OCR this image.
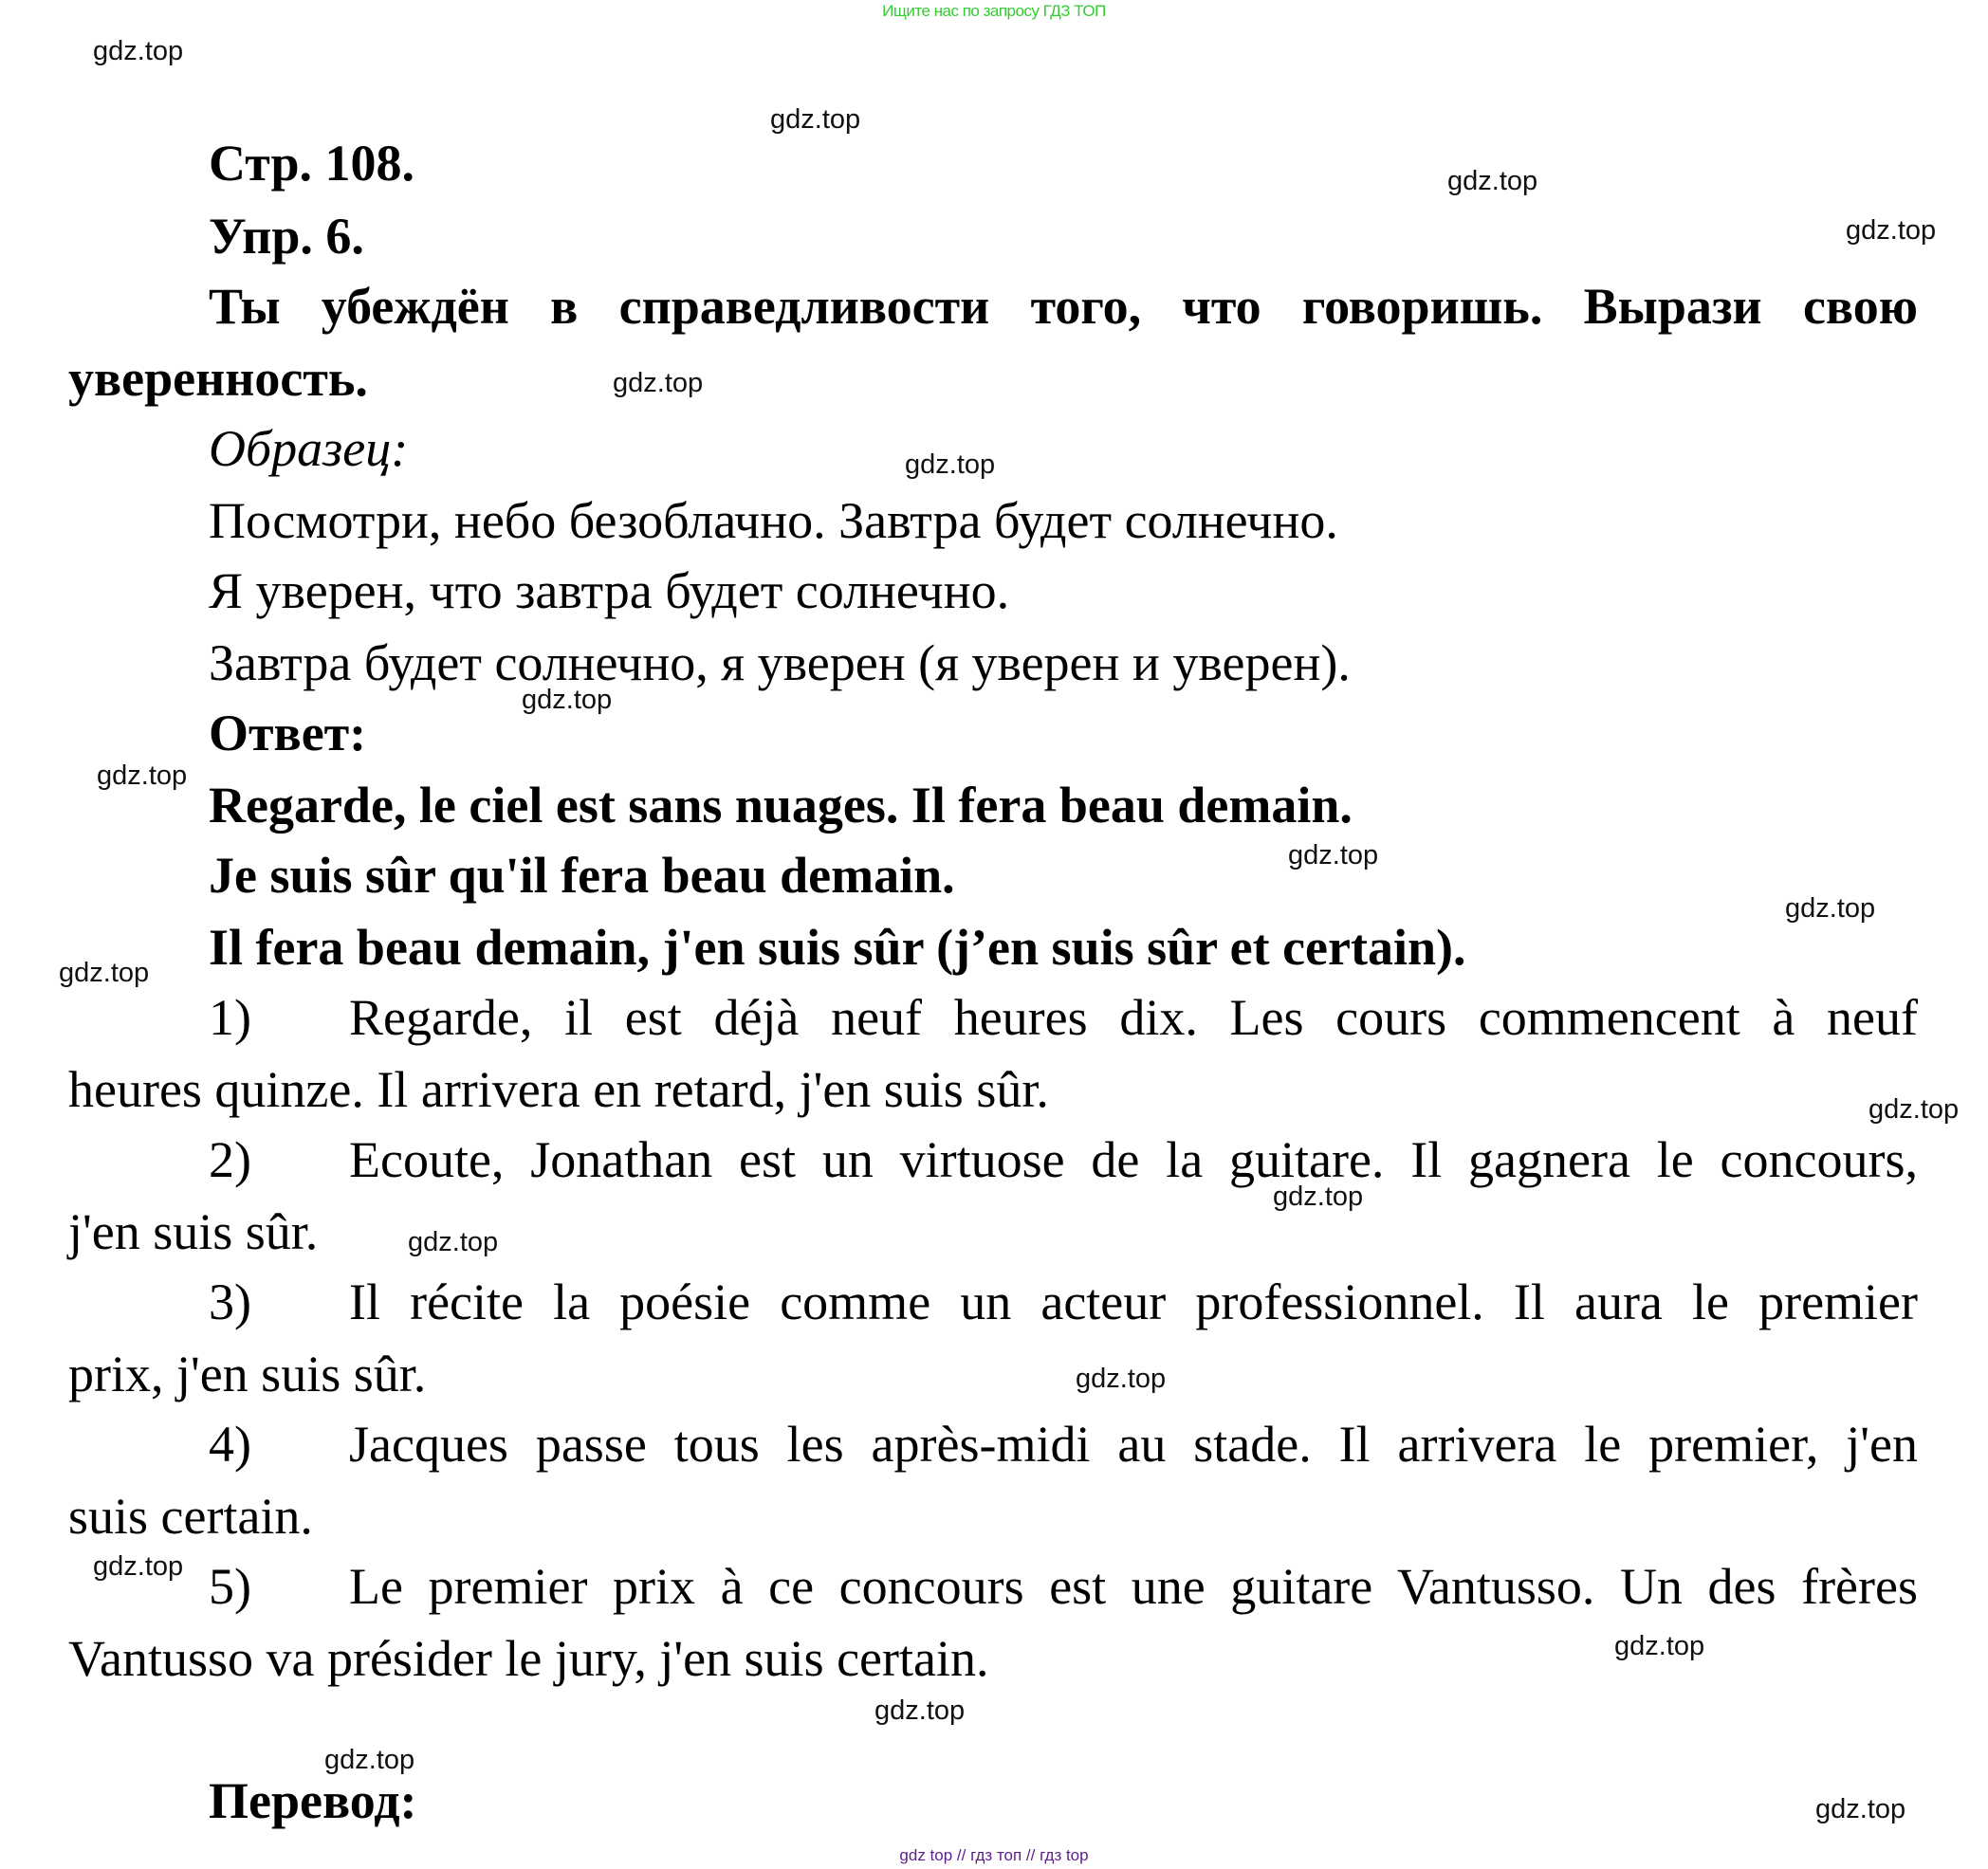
Ищите нас по запросу ГДЗ ТОП
gdz.top
gdz.top
gdz.top
gdz.top
gdz.top
gdz.top
gdz.top
gdz.top
gdz.top
gdz.top
gdz.top
gdz.top
gdz.top
gdz.top
gdz.top
gdz.top
gdz.top
gdz.top
gdz.top
gdz.top
Стр. 108.
Упр. 6.
Ты убеждён в справедливости того, что говоришь. Вырази свою
уверенность.
Образец:
Посмотри, небо безоблачно. Завтра будет солнечно.
Я уверен, что завтра будет солнечно.
Завтра будет солнечно, я уверен (я уверен и уверен).
Ответ:
Regarde, le ciel est sans nuages. Il fera beau demain.
Je suis sûr qu'il fera beau demain.
Il fera beau demain, j'en suis sûr (j’en suis sûr et certain).
1) Regarde, il est déjà neuf heures dix. Les cours commencent à neuf
heures quinze. Il arrivera en retard, j'en suis sûr.
2) Ecoute, Jonathan est un virtuose de la guitare. Il gagnera le concours,
j'en suis sûr.
3) Il récite la poésie comme un acteur professionnel. Il aura le premier
prix, j'en suis sûr.
4) Jacques passe tous les après-midi au stade. Il arrivera le premier, j'en
suis certain.
5) Le premier prix à ce concours est une guitare Vantusso. Un des frères
Vantusso va présider le jury, j'en suis certain.
Перевод:
gdz top // гдз топ // гдз top
